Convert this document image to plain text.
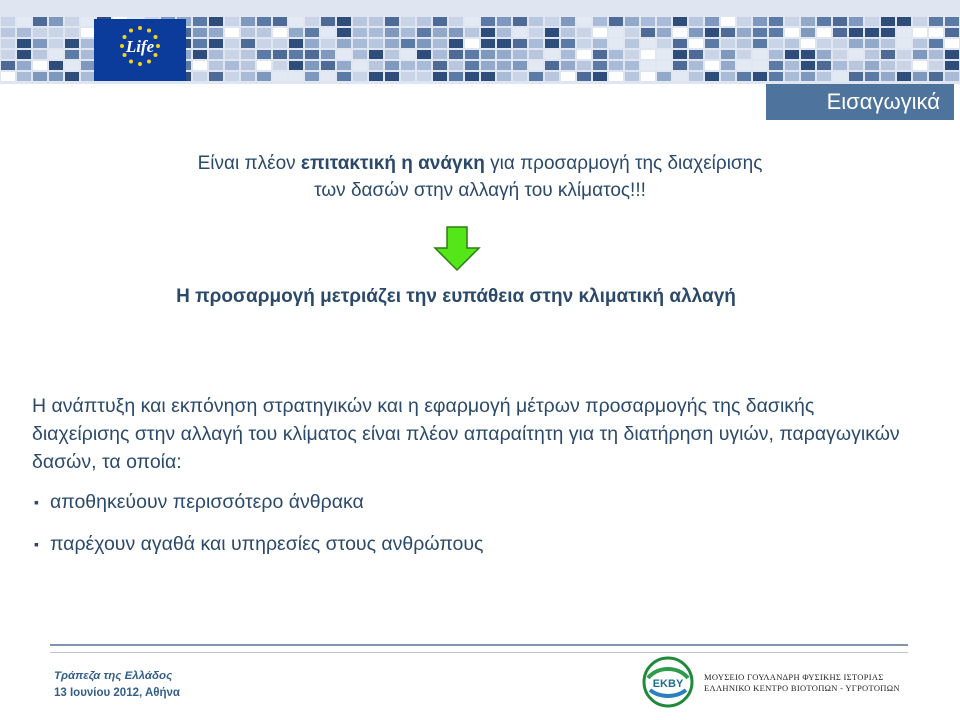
Life
Εισαγωγικά
Είναι πλέον επιτακτική η ανάγκη για προσαρμογή της διαχείρισης
των δασών στην αλλαγή του κλίματος!!!
Η προσαρμογή μετριάζει την ευπάθεια στην κλιματική αλλαγή
Η ανάπτυξη και εκπόνηση στρατηγικών και η εφαρμογή μέτρων προσαρμογής της δασικής διαχείρισης στην αλλαγή του κλίματος είναι πλέον απαραίτητη για τη διατήρηση υγιών, παραγωγικών δασών, τα οποία:
▪ αποθηκεύουν περισσότερο άνθρακα
▪ παρέχουν αγαθά και υπηρεσίες στους ανθρώπους
Τράπεζα της Ελλάδος
13 Ιουνίου 2012, Αθήνα
EKBY
ΜΟΥΣΕΙΟ ΓΟΥΛΑΝΔΡΗ ΦΥΣΙΚΗΣ ΙΣΤΟΡΙΑΣ
ΕΛΛΗΝΙΚΟ ΚΕΝΤΡΟ ΒΙΟΤΟΠΩΝ - ΥΓΡΟΤΟΠΩΝ
